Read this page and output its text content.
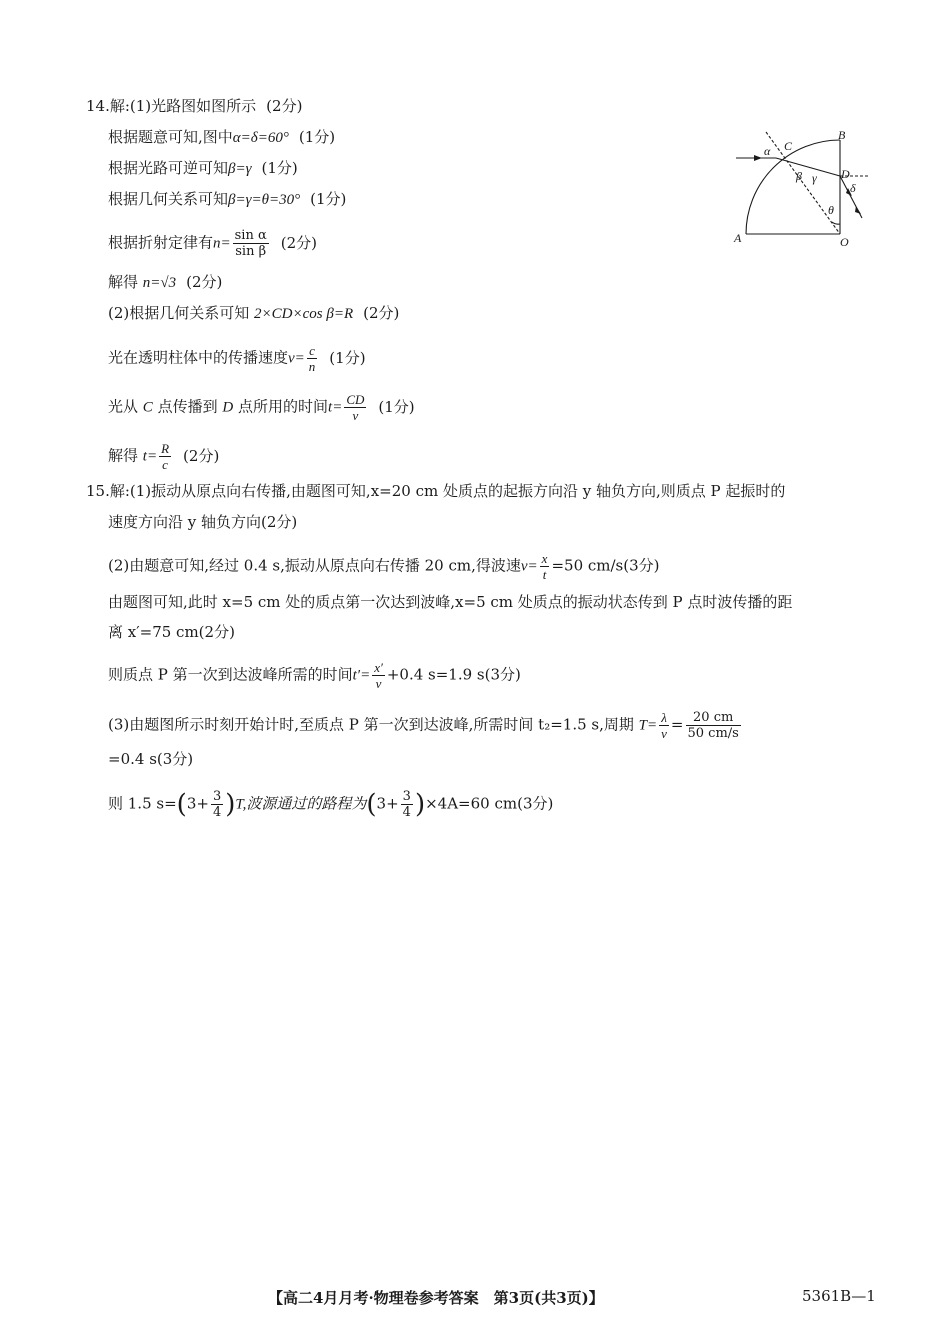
14.解:(1)光路图如图所示 (2分)
根据题意可知,图中α=δ=60° (1分)
根据光路可逆可知β=γ (1分)
根据几何关系可知β=γ=θ=30° (1分)
根据折射定律有$n= \frac{\text{sin α}}{\text{sin β}} (2$分)
解得 n=√3 (2分)
(2)根据几何关系可知 2×CD×cos β=R (2分)
光在透明柱体中的传播速度$v= \frac{c}{n} (1$分)
光从 C 点传播到 D 点所用的时间$t= \frac{CD}{v} (1$分)
解得 $t= \frac{R}{c} (2$分)
15.解:(1)振动从原点向右传播,由题图可知,x=20 cm 处质点的起振方向沿 y 轴负方向,则质点 P 起振时的
速度方向沿 y 轴负方向(2分)
(2)由题意可知,经过 0.4 s,振动从原点向右传播 20 cm,得波速$v= \frac{x}{t} =50$ cm/s(3分)
由题图可知,此时 x=5 cm 处的质点第一次达到波峰,x=5 cm 处质点的振动状态传到 P 点时波传播的距
离 x′=75 cm(2分)
则质点 P 第一次到达波峰所需的时间$t'= \frac{x'}{v} +0.4$ s=1.9 s(3分)
(3)由题图所示时刻开始计时,至质点 P 第一次到达波峰,所需时间 t₂=1.5 s,周期 $T= \frac{\lambda}{v} = \frac{20 cm}{50 cm/s}$
=0.4 s(3分)
则 1.5 $s=(3+ \frac{3}{4} )T$,波源通过的路程为$(3+ \frac{3}{4} )\times 4A=60$ cm(3分)
A
B
C
D
O
α
β γ
δ
θ
【高二4月月考·物理卷参考答案　第3页(共3页)】	5361B—1
